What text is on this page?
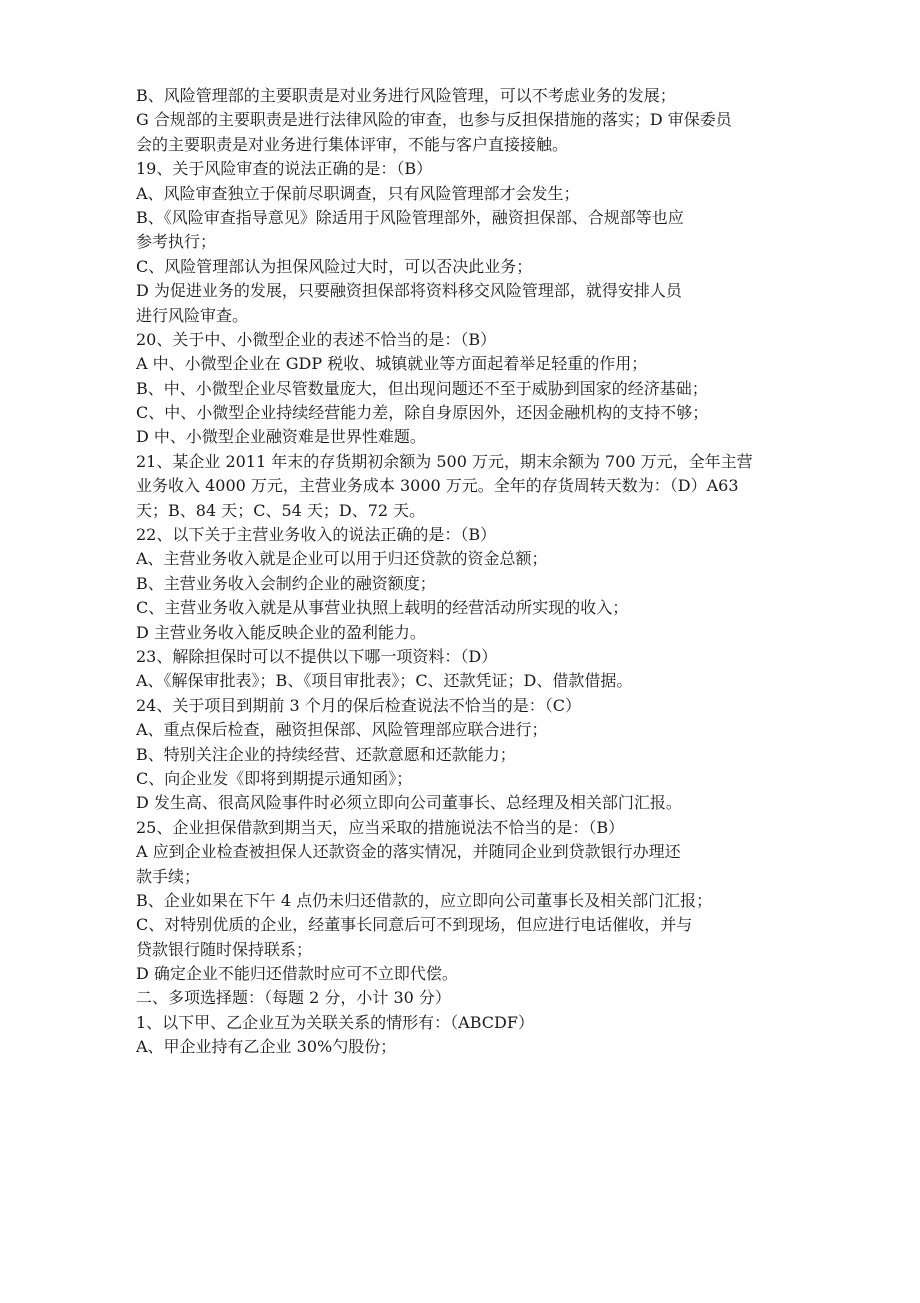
B、风险管理部的主要职责是对业务进行风险管理，可以不考虑业务的发展；
G 合规部的主要职责是进行法律风险的审查，也参与反担保措施的落实；D 审保委员
会的主要职责是对业务进行集体评审，不能与客户直接接触。
19、关于风险审查的说法正确的是：（B）
A、风险审查独立于保前尽职调查，只有风险管理部才会发生；
B、《风险审查指导意见》除适用于风险管理部外，融资担保部、合规部等也应
参考执行；
C、风险管理部认为担保风险过大时，可以否决此业务；
D 为促进业务的发展，只要融资担保部将资料移交风险管理部，就得安排人员
进行风险审查。
20、关于中、小微型企业的表述不恰当的是：（B）
A 中、小微型企业在 GDP 税收、城镇就业等方面起着举足轻重的作用；
B、中、小微型企业尽管数量庞大，但出现问题还不至于威胁到国家的经济基础；
C、中、小微型企业持续经营能力差，除自身原因外，还因金融机构的支持不够；
D 中、小微型企业融资难是世界性难题。
21、某企业 2011 年末的存货期初余额为 500 万元，期末余额为 700 万元，全年主营
业务收入 4000 万元，主营业务成本 3000 万元。全年的存货周转天数为：（D）A63
天；B、84 天；C、54 天；D、72 天。
22、以下关于主营业务收入的说法正确的是：（B）
A、主营业务收入就是企业可以用于归还贷款的资金总额；
B、主营业务收入会制约企业的融资额度；
C、主营业务收入就是从事营业执照上载明的经营活动所实现的收入；
D 主营业务收入能反映企业的盈利能力。
23、解除担保时可以不提供以下哪一项资料：（D）
A、《解保审批表》；B、《项目审批表》；C、还款凭证；D、借款借据。
24、关于项目到期前 3 个月的保后检查说法不恰当的是：（C）
A、重点保后检查，融资担保部、风险管理部应联合进行；
B、特别关注企业的持续经营、还款意愿和还款能力；
C、向企业发《即将到期提示通知函》；
D 发生高、很高风险事件时必须立即向公司董事长、总经理及相关部门汇报。
25、企业担保借款到期当天，应当采取的措施说法不恰当的是：（B）
A 应到企业检查被担保人还款资金的落实情况，并随同企业到贷款银行办理还
款手续；
B、企业如果在下午 4 点仍未归还借款的，应立即向公司董事长及相关部门汇报；
C、对特别优质的企业，经董事长同意后可不到现场，但应进行电话催收，并与
贷款银行随时保持联系；
D 确定企业不能归还借款时应可不立即代偿。
二、多项选择题：（每题 2 分，小计 30 分）
1、以下甲、乙企业互为关联关系的情形有：（ABCDF）
A、甲企业持有乙企业 30%勺股份；
